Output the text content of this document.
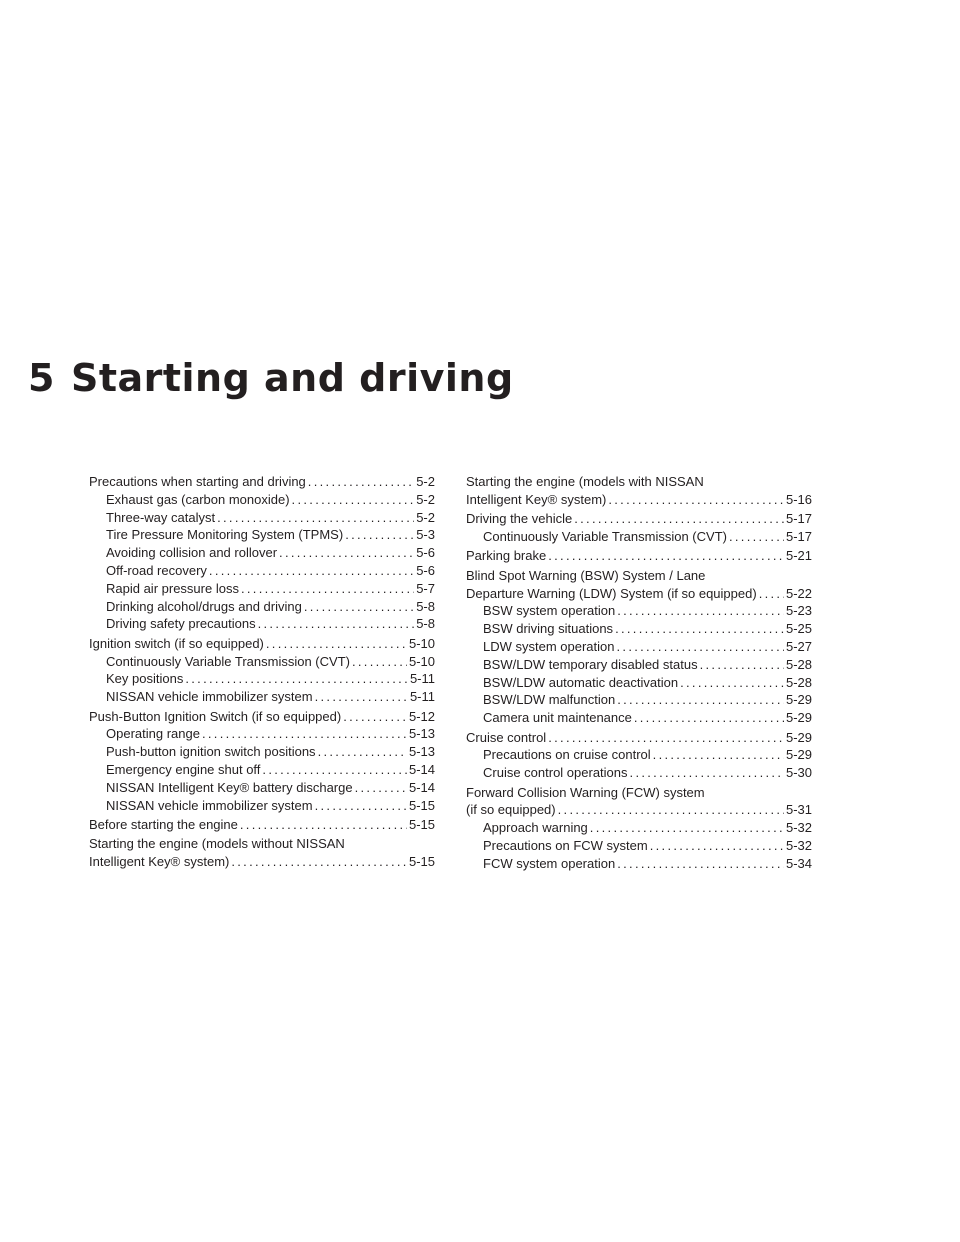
5 Starting and driving
Precautions when starting and driving .....	5-2
Exhaust gas (carbon monoxide) .....	5-2
Three-way catalyst .....	5-2
Tire Pressure Monitoring System (TPMS) .....	5-3
Avoiding collision and rollover .....	5-6
Off-road recovery .....	5-6
Rapid air pressure loss .....	5-7
Drinking alcohol/drugs and driving .....	5-8
Driving safety precautions .....	5-8
Ignition switch (if so equipped) .....	5-10
Continuously Variable Transmission (CVT) .....	5-10
Key positions .....	5-11
NISSAN vehicle immobilizer system .....	5-11
Push-Button Ignition Switch (if so equipped) .....	5-12
Operating range .....	5-13
Push-button ignition switch positions .....	5-13
Emergency engine shut off .....	5-14
NISSAN Intelligent Key® battery discharge .....	5-14
NISSAN vehicle immobilizer system .....	5-15
Before starting the engine .....	5-15
Starting the engine (models without NISSAN
Intelligent Key® system) .....	5-15
Starting the engine (models with NISSAN
Intelligent Key® system) .....	5-16
Driving the vehicle .....	5-17
Continuously Variable Transmission (CVT) .....	5-17
Parking brake .....	5-21
Blind Spot Warning (BSW) System / Lane
Departure Warning (LDW) System (if so equipped) ..... 5-22
BSW system operation .....	5-23
BSW driving situations .....	5-25
LDW system operation .....	5-27
BSW/LDW temporary disabled status .....	5-28
BSW/LDW automatic deactivation .....	5-28
BSW/LDW malfunction .....	5-29
Camera unit maintenance .....	5-29
Cruise control .....	5-29
Precautions on cruise control .....	5-29
Cruise control operations .....	5-30
Forward Collision Warning (FCW) system
(if so equipped) .....	5-31
Approach warning .....	5-32
Precautions on FCW system .....	5-32
FCW system operation .....	5-34
